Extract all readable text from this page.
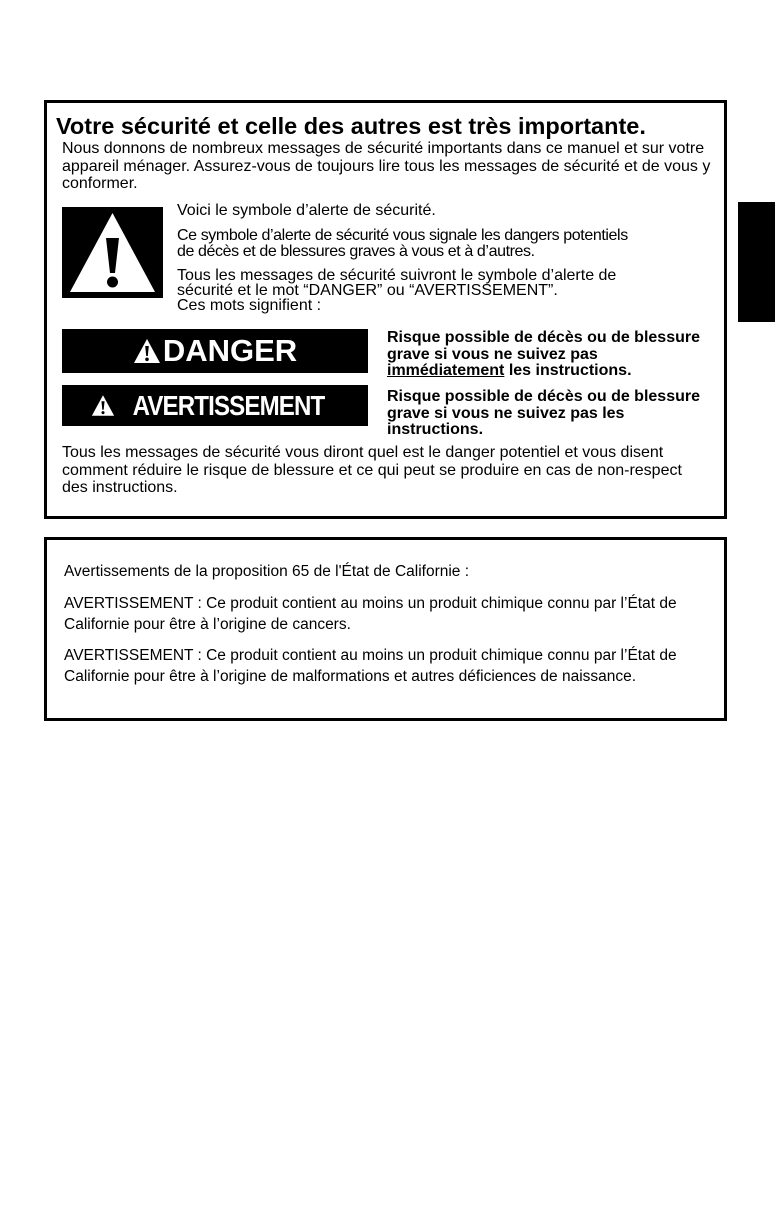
Votre sécurité et celle des autres est très importante.

Nous donnons de nombreux messages de sécurité importants dans ce manuel et sur votre appareil ménager. Assurez-vous de toujours lire tous les messages de sécurité et de vous y conformer.

Voici le symbole d’alerte de sécurité.

Ce symbole d’alerte de sécurité vous signale les dangers potentiels
de décès et de blessures graves à vous et à d’autres.
Tous les messages de sécurité suivront le symbole d’alerte de
sécurité et le mot “DANGER” ou “AVERTISSEMENT”.
Ces mots signifient :
DANGER	Risque possible de décès ou de blessure grave si vous ne suivez pas immédiatement les instructions.

AVERTISSEMENT	Risque possible de décès ou de blessure grave si vous ne suivez pas les instructions.

Tous les messages de sécurité vous diront quel est le danger potentiel et vous disent comment réduire le risque de blessure et ce qui peut se produire en cas de non-respect des instructions.

Avertissements de la proposition 65 de l'État de Californie :

AVERTISSEMENT : Ce produit contient au moins un produit chimique connu par l’État de Californie pour être à l’origine de cancers.

AVERTISSEMENT : Ce produit contient au moins un produit chimique connu par l’État de Californie pour être à l’origine de malformations et autres déficiences de naissance.
